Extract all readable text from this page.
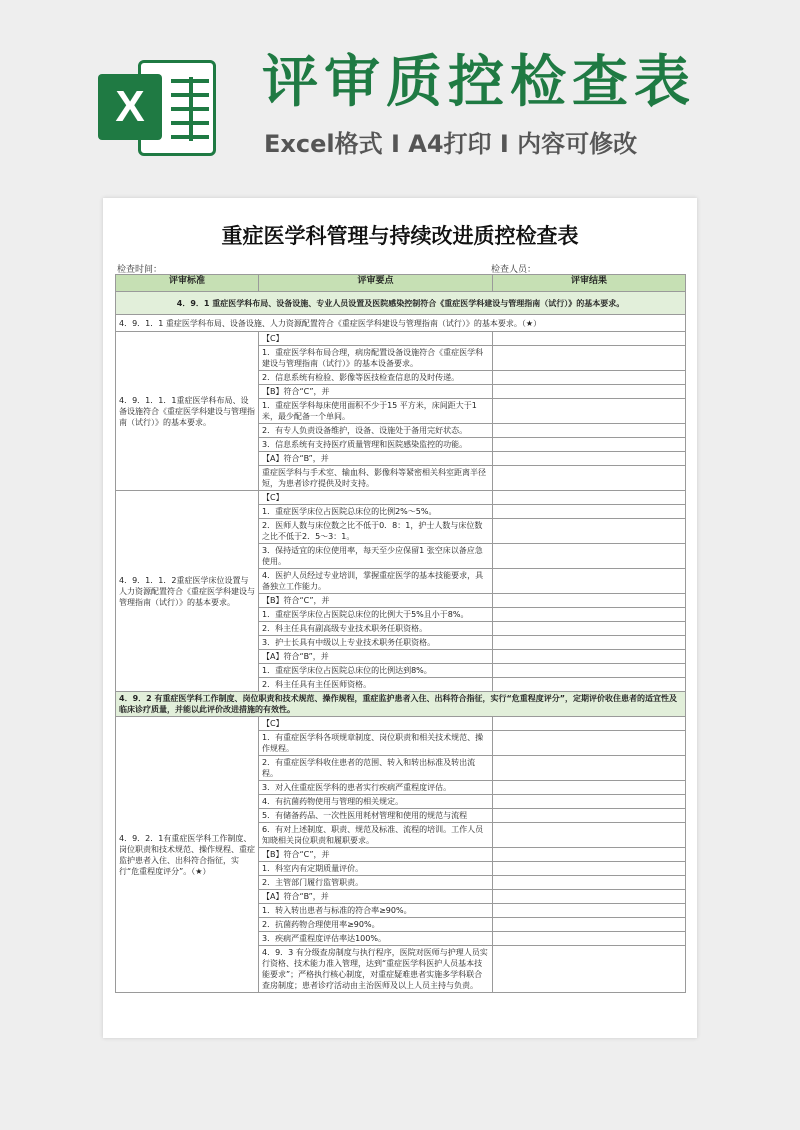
X	评审质控检查表
Excel格式 I A4打印 I 内容可修改
重症医学科管理与持续改进质控检查表
检查时间：	检查人员：
评审标准	评审要点	评审结果
4．9．1 重症医学科布局、设备设施、专业人员设置及医院感染控制符合《重症医学科建设与管理指南（试行）》的基本要求。		
4．9．1．1 重症医学科布局、设备设施、人力资源配置符合《重症医学科建设与管理指南（试行）》的基本要求。（★）		
4．9．1．1．1重症医学科布局、设备设施符合《重症医学科建设与管理指南（试行）》的基本要求。	【C】	
	1．重症医学科布局合理，病房配置设备设施符合《重症医学科建设与管理指南（试行）》的基本设备要求。	
	2．信息系统有检验、影像等医技检查信息的及时传递。	
	【B】符合“C”，并	
	1．重症医学科每床使用面积不少于15 平方米，床间距大于1米，最少配备一个单间。	
	2．有专人负责设备维护，设备、设施处于备用完好状态。	
	3．信息系统有支持医疗质量管理和医院感染监控的功能。	
	【A】符合“B”，并	
	重症医学科与手术室、输血科、影像科等紧密相关科室距离半径短，为患者诊疗提供及时支持。	
4．9．1．1．2重症医学床位设置与人力资源配置符合《重症医学科建设与管理指南（试行）》的基本要求。	【C】	
	1．重症医学床位占医院总床位的比例2%～5%。	
	2．医师人数与床位数之比不低于0．8：1，护士人数与床位数之比不低于2．5～3：1。	
	3．保持适宜的床位使用率，每天至少应保留1 张空床以备应急使用。	
	4．医护人员经过专业培训，掌握重症医学的基本技能要求，具备独立工作能力。	
	【B】符合“C”，并	
	1．重症医学床位占医院总床位的比例大于5%且小于8%。	
	2．科主任具有副高级专业技术职务任职资格。	
	3．护士长具有中级以上专业技术职务任职资格。	
	【A】符合“B”，并	
	1．重症医学床位占医院总床位的比例达到8%。	
	2．科主任具有主任医师资格。	
4．9．2 有重症医学科工作制度、岗位职责和技术规范、操作规程，重症监护患者入住、出科符合指征，实行“危重程度评分”，定期评价收住患者的适宜性及临床诊疗质量，并能以此评价改进措施的有效性。		
4．9．2．1有重症医学科工作制度、岗位职责和技术规范、操作规程、重症监护患者入住、出科符合指征，实行“危重程度评分”。（★）	【C】	
	1．有重症医学科各项规章制度、岗位职责和相关技术规范、操作规程。	
	2．有重症医学科收住患者的范围、转入和转出标准及转出流程。	
	3．对入住重症医学科的患者实行疾病严重程度评估。	
	4．有抗菌药物使用与管理的相关规定。	
	5．有储备药品、一次性医用耗材管理和使用的规范与流程	
	6．有对上述制度、职责、规范及标准、流程的培训。工作人员知晓相关岗位职责和履职要求。	
	【B】符合“C”，并	
	1．科室内有定期质量评价。	
	2．主管部门履行监管职责。	
	【A】符合“B”，并	
	1．转入转出患者与标准的符合率≥90%。	
	2．抗菌药物合理使用率≥90%。	
	3．疾病严重程度评估率达100%。	
	4．9．3 有分级查房制度与执行程序，医院对医师与护理人员实行资格、技术能力准入管理，达到“重症医学科医护人员基本技能要求”；严格执行核心制度，对重症疑难患者实施多学科联合查房制度；患者诊疗活动由主治医师及以上人员主持与负责。	
